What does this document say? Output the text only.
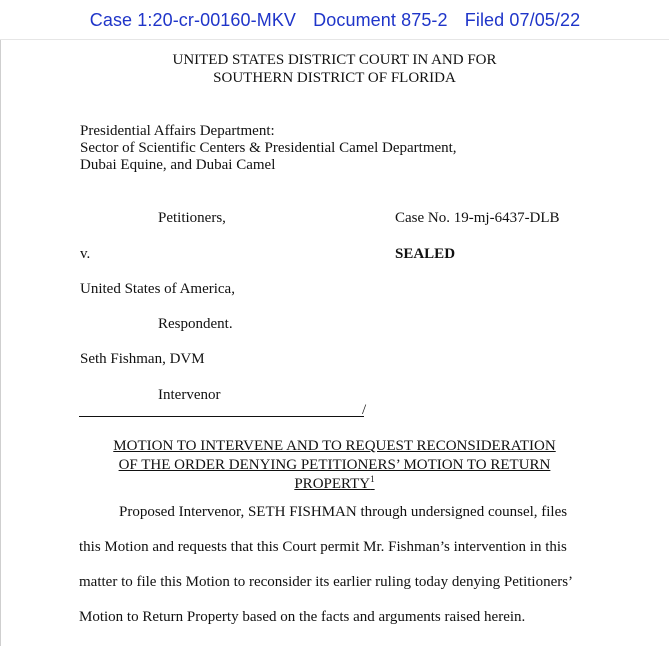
Case 1:20-cr-00160-MKV Document 875-2 Filed 07/05/22
UNITED STATES DISTRICT COURT IN AND FOR
SOUTHERN DISTRICT OF FLORIDA
Presidential Affairs Department:
Sector of Scientific Centers & Presidential Camel Department,
Dubai Equine, and Dubai Camel
Petitioners,	Case No. 19-mj-6437-DLB
v.	SEALED
United States of America,
Respondent.
Seth Fishman, DVM
Intervenor
/
MOTION TO INTERVENE AND TO REQUEST RECONSIDERATION
OF THE ORDER DENYING PETITIONERS’ MOTION TO RETURN
PROPERTY$^1$
Proposed Intervenor, SETH FISHMAN through undersigned counsel, files
this Motion and requests that this Court permit Mr. Fishman’s intervention in this
matter to file this Motion to reconsider its earlier ruling today denying Petitioners’
Motion to Return Property based on the facts and arguments raised herein.
